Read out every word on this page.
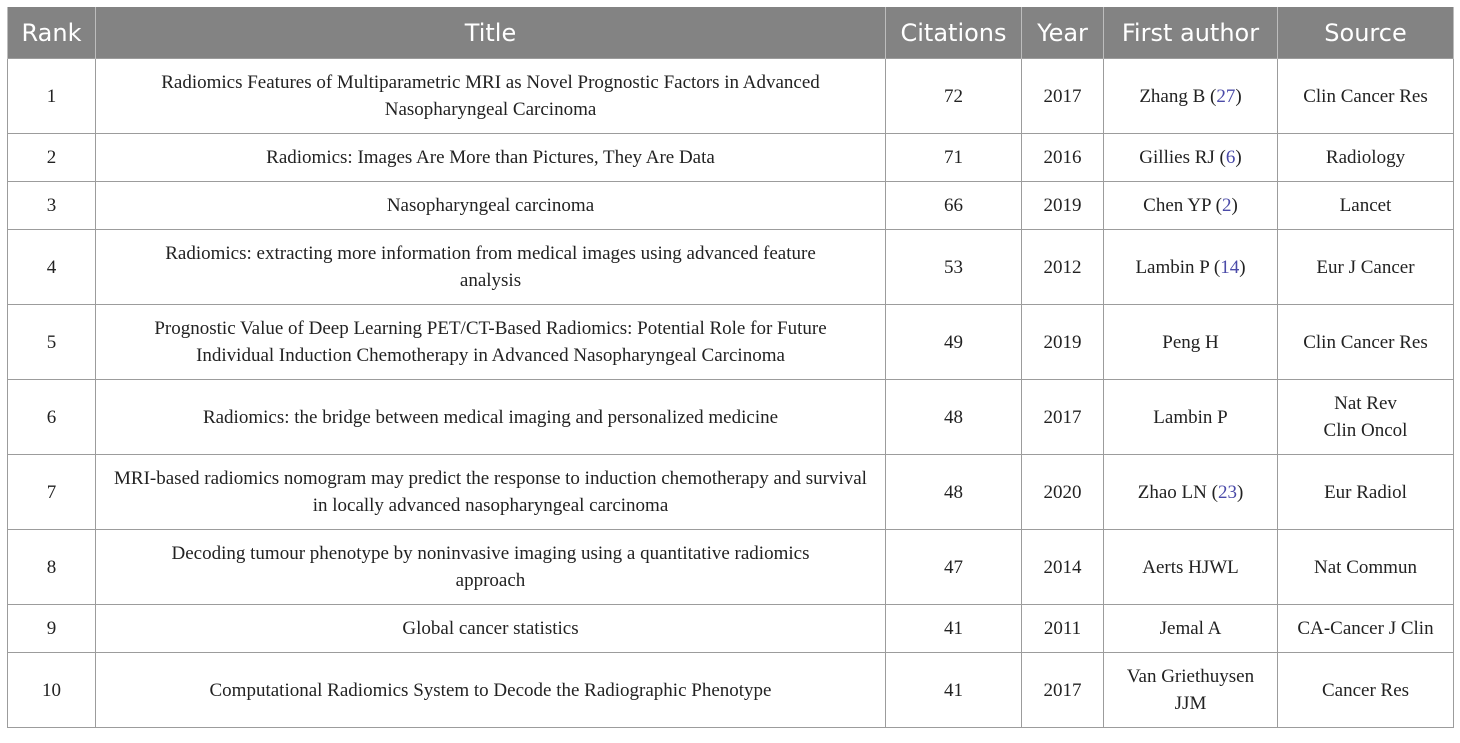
Rank	Title	Citations	Year	First author	Source
1	Radiomics Features of Multiparametric MRI as Novel Prognostic Factors in Advanced Nasopharyngeal Carcinoma	72	2017	Zhang B (27)	Clin Cancer Res
2	Radiomics: Images Are More than Pictures, They Are Data	71	2016	Gillies RJ (6)	Radiology
3	Nasopharyngeal carcinoma	66	2019	Chen YP (2)	Lancet
4	Radiomics: extracting more information from medical images using advanced feature analysis	53	2012	Lambin P (14)	Eur J Cancer
5	Prognostic Value of Deep Learning PET/CT-Based Radiomics: Potential Role for Future Individual Induction Chemotherapy in Advanced Nasopharyngeal Carcinoma	49	2019	Peng H	Clin Cancer Res
6	Radiomics: the bridge between medical imaging and personalized medicine	48	2017	Lambin P	Nat Rev Clin Oncol
7	MRI-based radiomics nomogram may predict the response to induction chemotherapy and survival in locally advanced nasopharyngeal carcinoma	48	2020	Zhao LN (23)	Eur Radiol
8	Decoding tumour phenotype by noninvasive imaging using a quantitative radiomics approach	47	2014	Aerts HJWL	Nat Commun
9	Global cancer statistics	41	2011	Jemal A	CA-Cancer J Clin
10	Computational Radiomics System to Decode the Radiographic Phenotype	41	2017	Van Griethuysen JJM	Cancer Res
